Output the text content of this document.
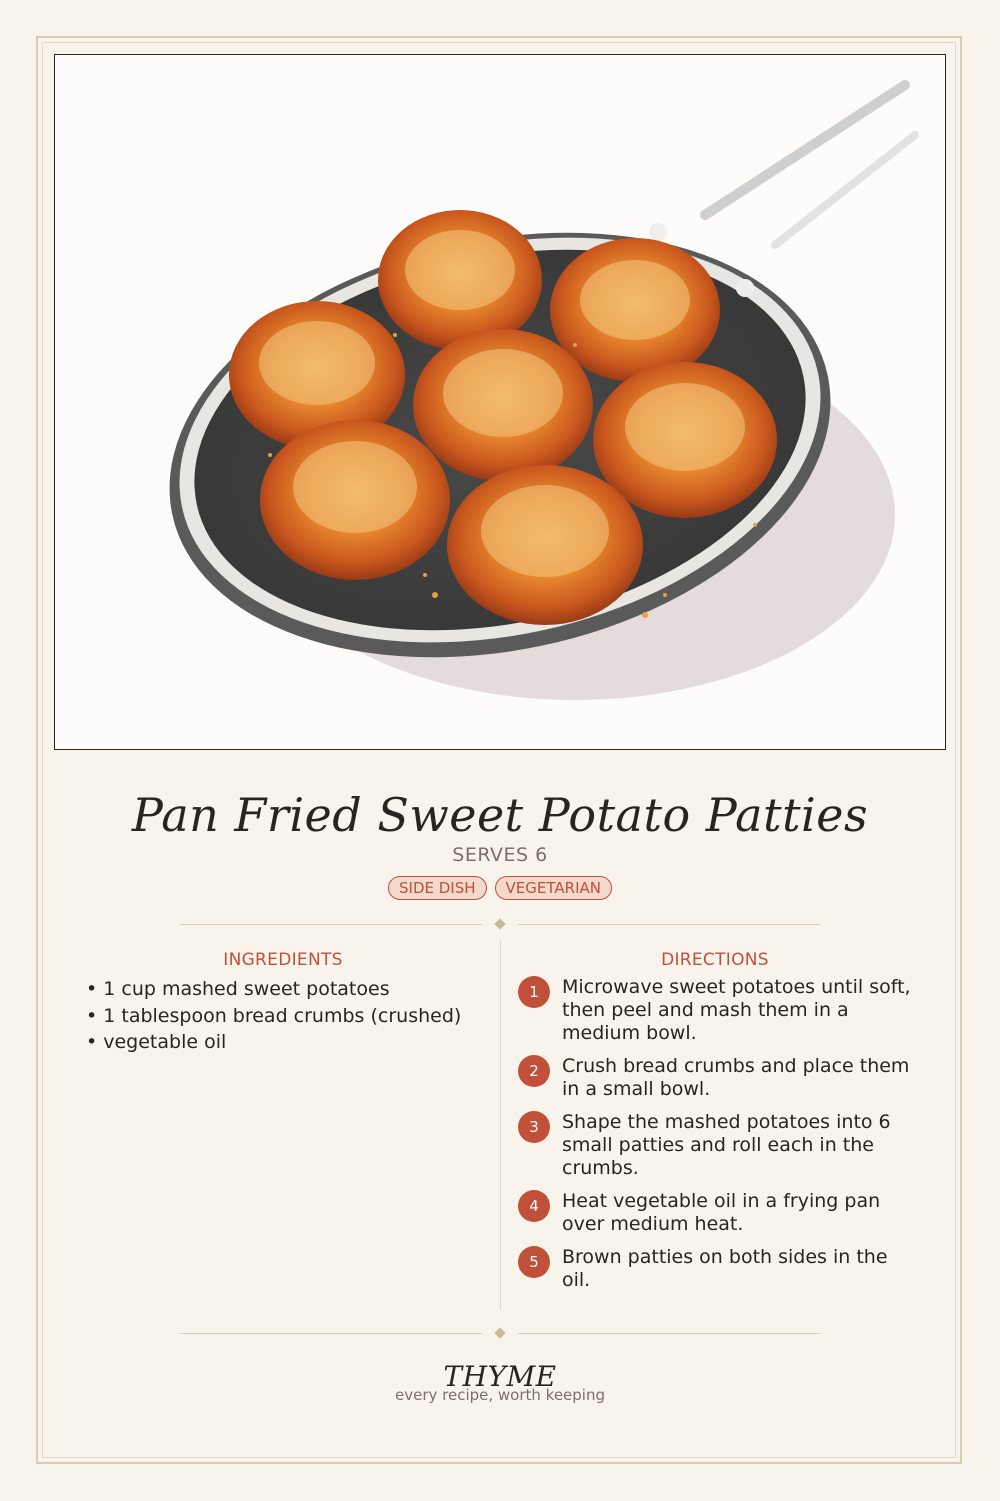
Pan Fried Sweet Potato Patties
SERVES 6
SIDE DISH	VEGETARIAN
INGREDIENTS
• 1 cup mashed sweet potatoes
• 1 tablespoon bread crumbs (crushed)
• vegetable oil
DIRECTIONS
1	Microwave sweet potatoes until soft, then peel and mash them in a medium bowl.
2	Crush bread crumbs and place them in a small bowl.
3	Shape the mashed potatoes into 6 small patties and roll each in the crumbs.
4	Heat vegetable oil in a frying pan over medium heat.
5	Brown patties on both sides in the oil.
THYME
every recipe, worth keeping
